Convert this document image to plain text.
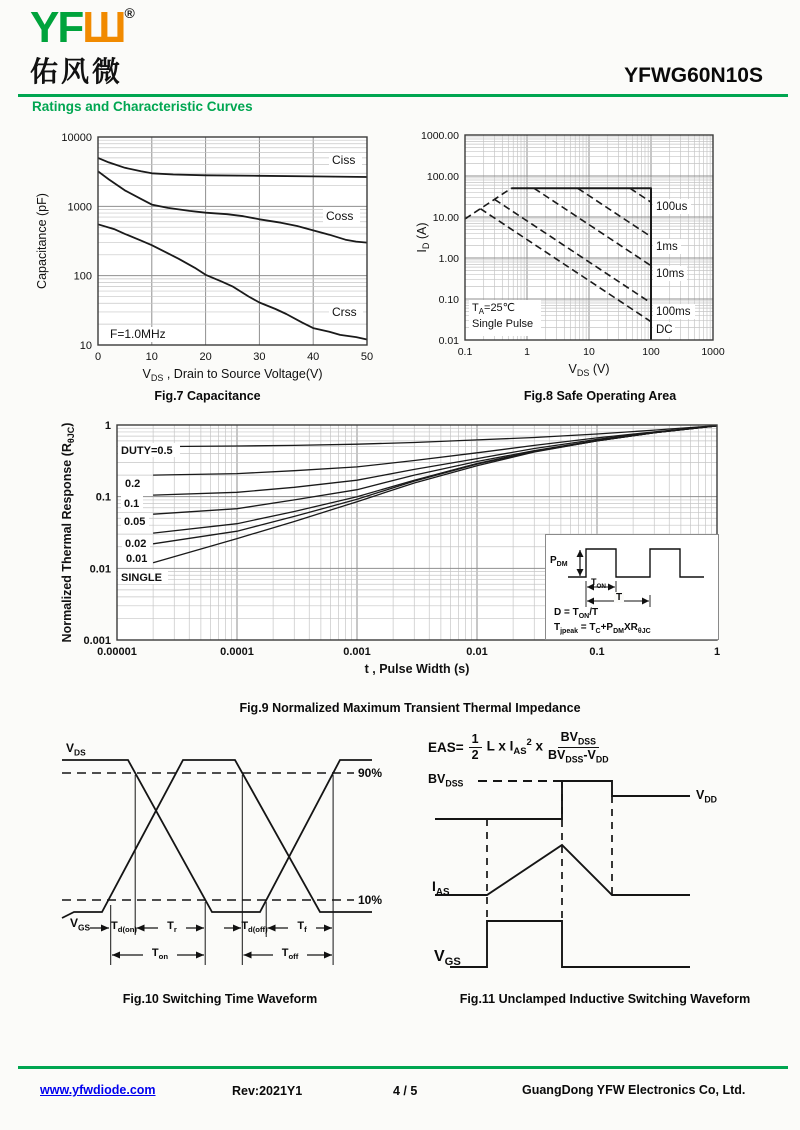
YFШ®
佑风微	YFWG60N10S
Ratings and Characteristic Curves
0	10	20	30	40	50
10
100
1000
10000
$V_{DS}$ , Drain to Source Voltage(V)
Capacitance (pF)
Ciss
Coss
Crss
F=1.0MHz
0.1	1	10	100	1000
0.01
0.10
1.00
10.00
100.00
1000.00
$V_{DS}$ (V)
$I_D$ (A)
100us
1ms
10ms
100ms
DC
$T_A=25℃$
Single Pulse
0.00001	0.0001	0.001	0.01	0.1	1
0.001
0.01
0.1
1
t , Pulse Width (s)
Normalized Thermal Response $(R_{\theta JC})$
DUTY=0.5
0.2
0.1
0.05
0.02
0.01
SINGLE
$P_{DM}$
$T_{ON}$
T
$D = T_{ON}/T$
$T_{jpeak} = T_C+P_{DM}XR_{\theta JC}$
Fig.7 Capacitance	Fig.8 Safe Operating Area
Fig.9 Normalized Maximum Transient Thermal Impedance
$V_{DS}$
$V_{GS}$
90%
10%
$T_{d(on)}$	$T_r$	$T_{d(off)}$	$T_f$
$T_{on}$	$T_{off}$
Fig.10 Switching Time Waveform
$EAS= \frac{1}{2}$ L x $I_{AS}^2$ x $\frac{BV_{DSS}}{BV_{DSS}-V_{DD}}$
$BV_{DSS}$
$V_{DD}$
$I_{AS}$
$V_{GS}$
Fig.11 Unclamped Inductive Switching Waveform
www.yfwdiode.com	Rev:2021Y1	4 / 5	GuangDong YFW Electronics Co, Ltd.
